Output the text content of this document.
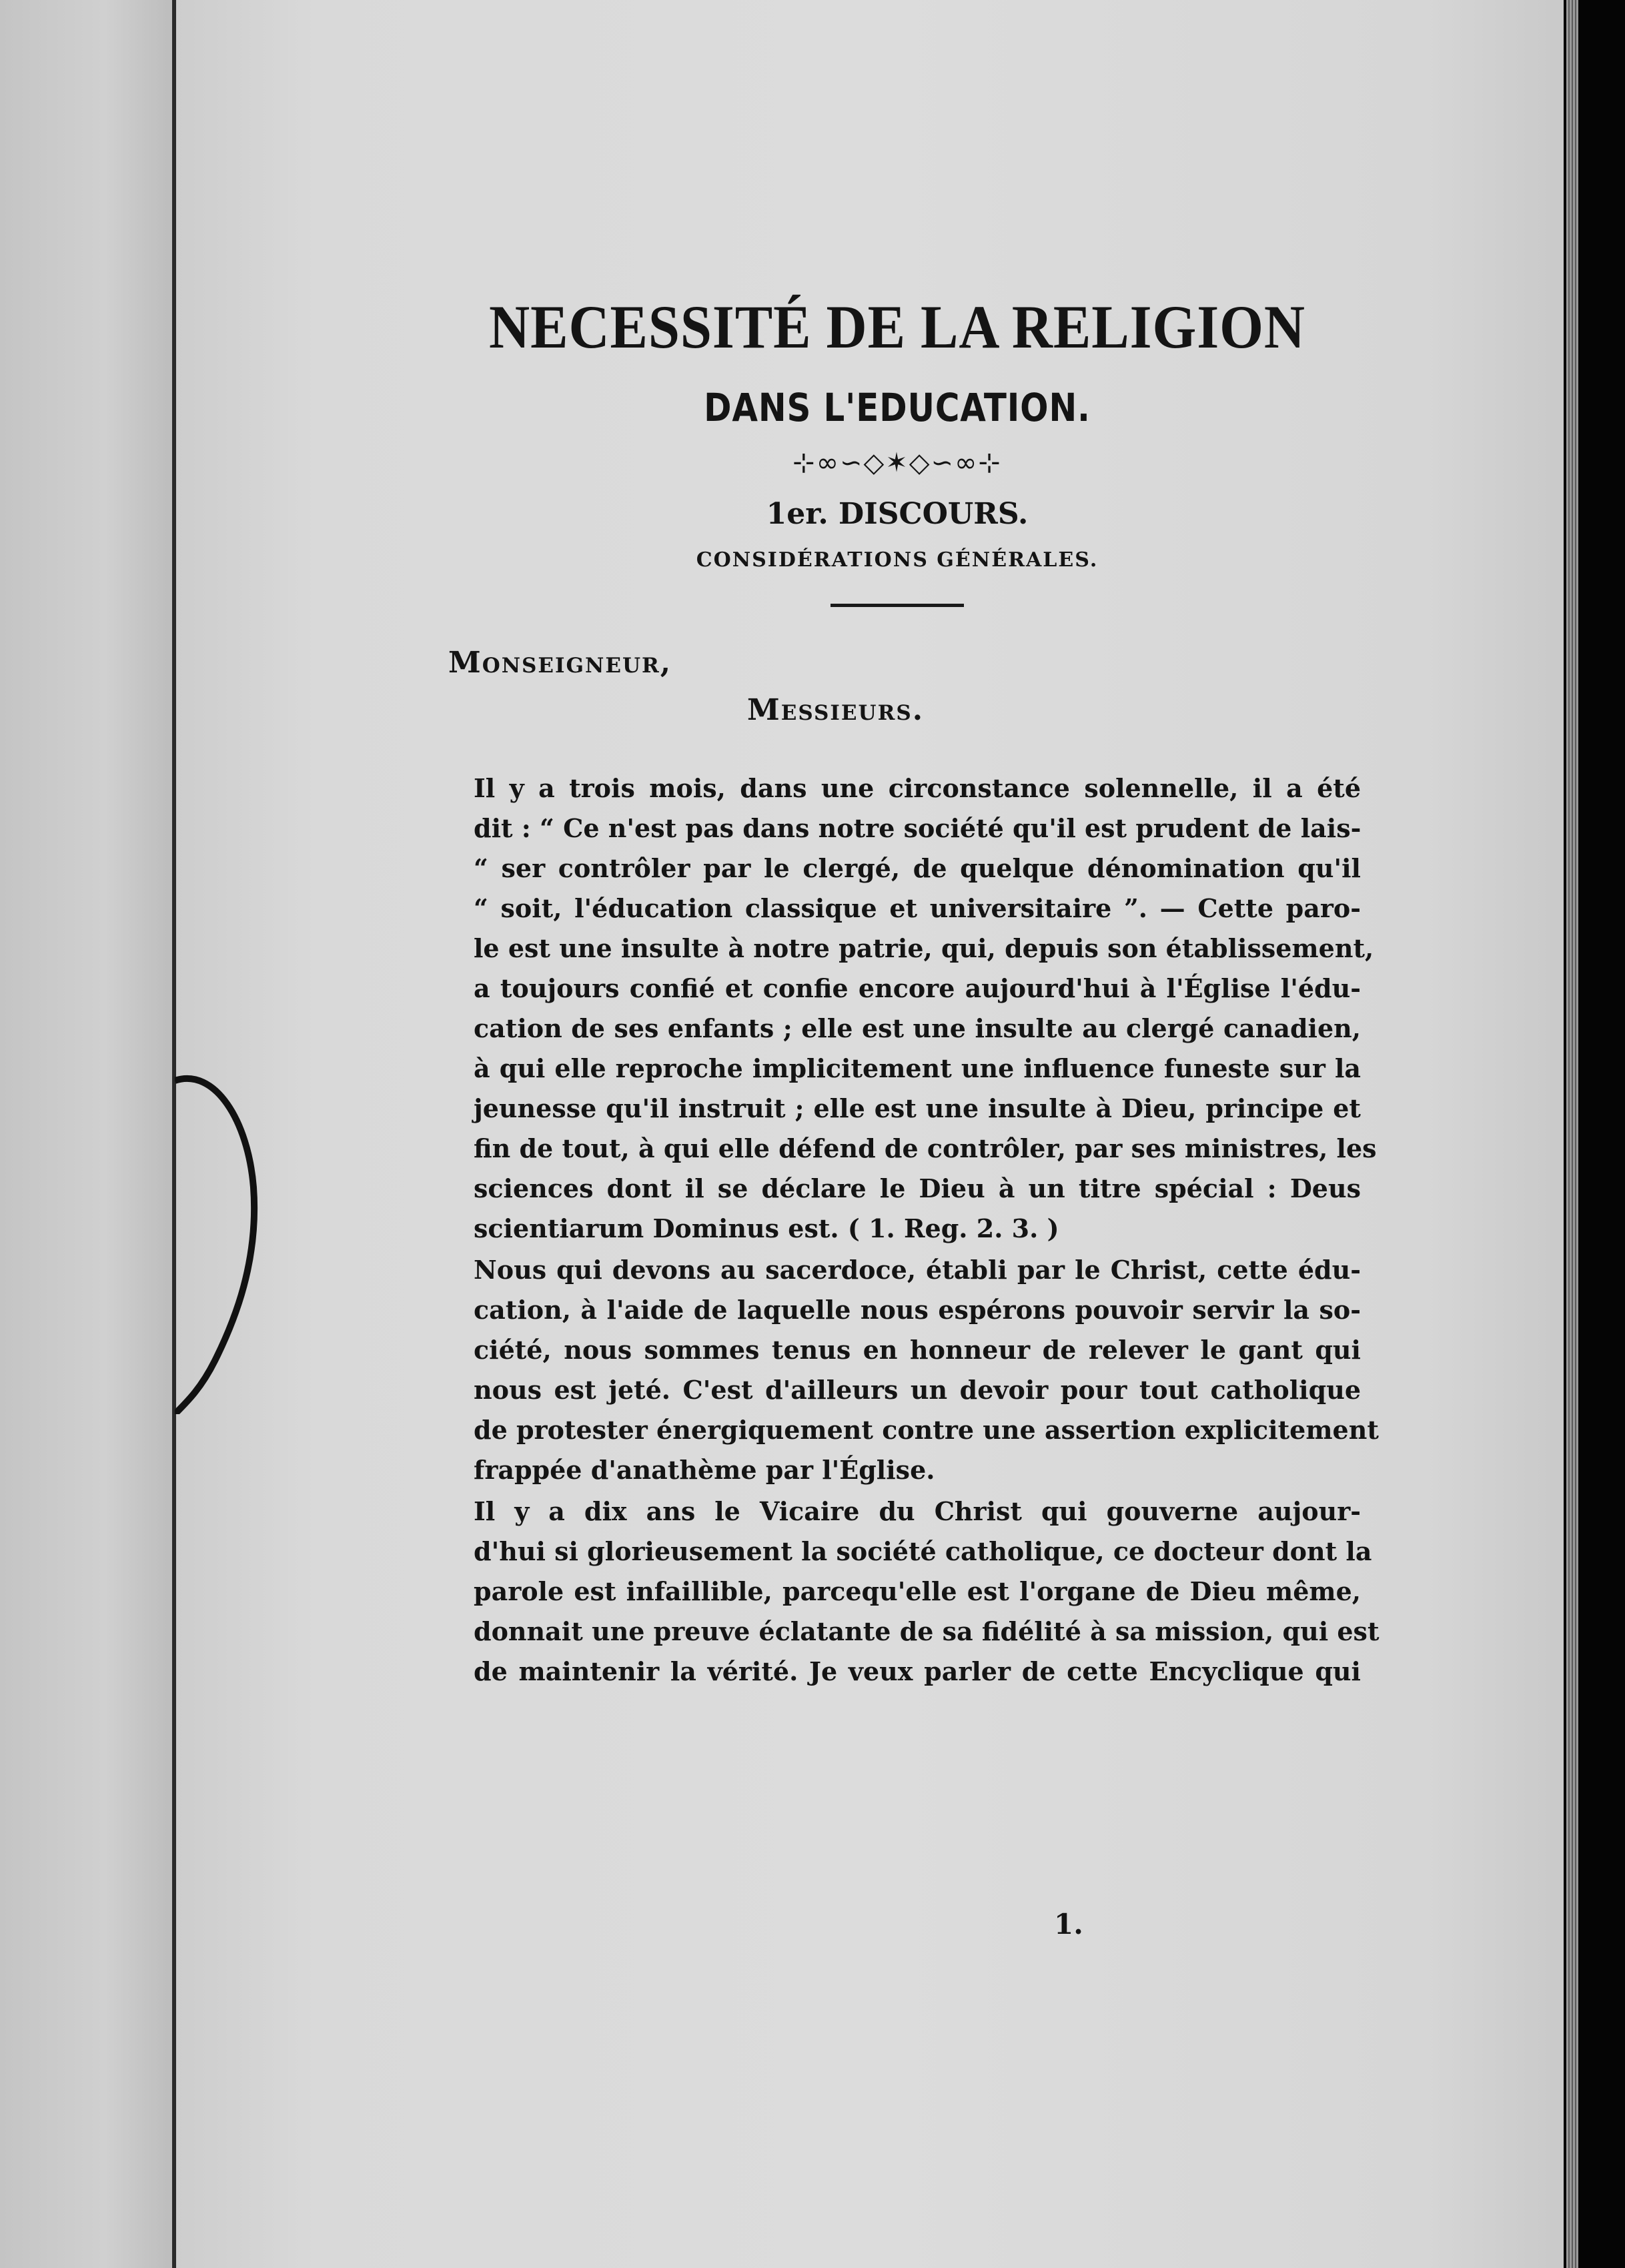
NECESSITÉ DE LA RELIGION
DANS L'EDUCATION.
⊹∞∽◇✶◇∽∞⊹
1er. DISCOURS.
CONSIDÉRATIONS GÉNÉRALES.
Monseigneur,
Messieurs.

Il y a trois mois, dans une circonstance solennelle, il a été
dit : “ Ce n'est pas dans notre société qu'il est prudent de lais-
“ ser contrôler par le clergé, de quelque dénomination qu'il
“ soit, l'éducation classique et universitaire ”. — Cette paro-
le est une insulte à notre patrie, qui, depuis son établissement,
a toujours confié et confie encore aujourd'hui à l'Église l'édu-
cation de ses enfants ; elle est une insulte au clergé canadien,
à qui elle reproche implicitement une influence funeste sur la
jeunesse qu'il instruit ; elle est une insulte à Dieu, principe et
fin de tout, à qui elle défend de contrôler, par ses ministres, les
sciences dont il se déclare le Dieu à un titre spécial : Deus
scientiarum Dominus est. ( 1. Reg. 2. 3. )

Nous qui devons au sacerdoce, établi par le Christ, cette édu-
cation, à l'aide de laquelle nous espérons pouvoir servir la so-
ciété, nous sommes tenus en honneur de relever le gant qui
nous est jeté. C'est d'ailleurs un devoir pour tout catholique
de protester énergiquement contre une assertion explicitement
frappée d'anathème par l'Église.

Il y a dix ans le Vicaire du Christ qui gouverne aujour-
d'hui si glorieusement la société catholique, ce docteur dont la
parole est infaillible, parcequ'elle est l'organe de Dieu même,
donnait une preuve éclatante de sa fidélité à sa mission, qui est
de maintenir la vérité. Je veux parler de cette Encyclique qui

1.
